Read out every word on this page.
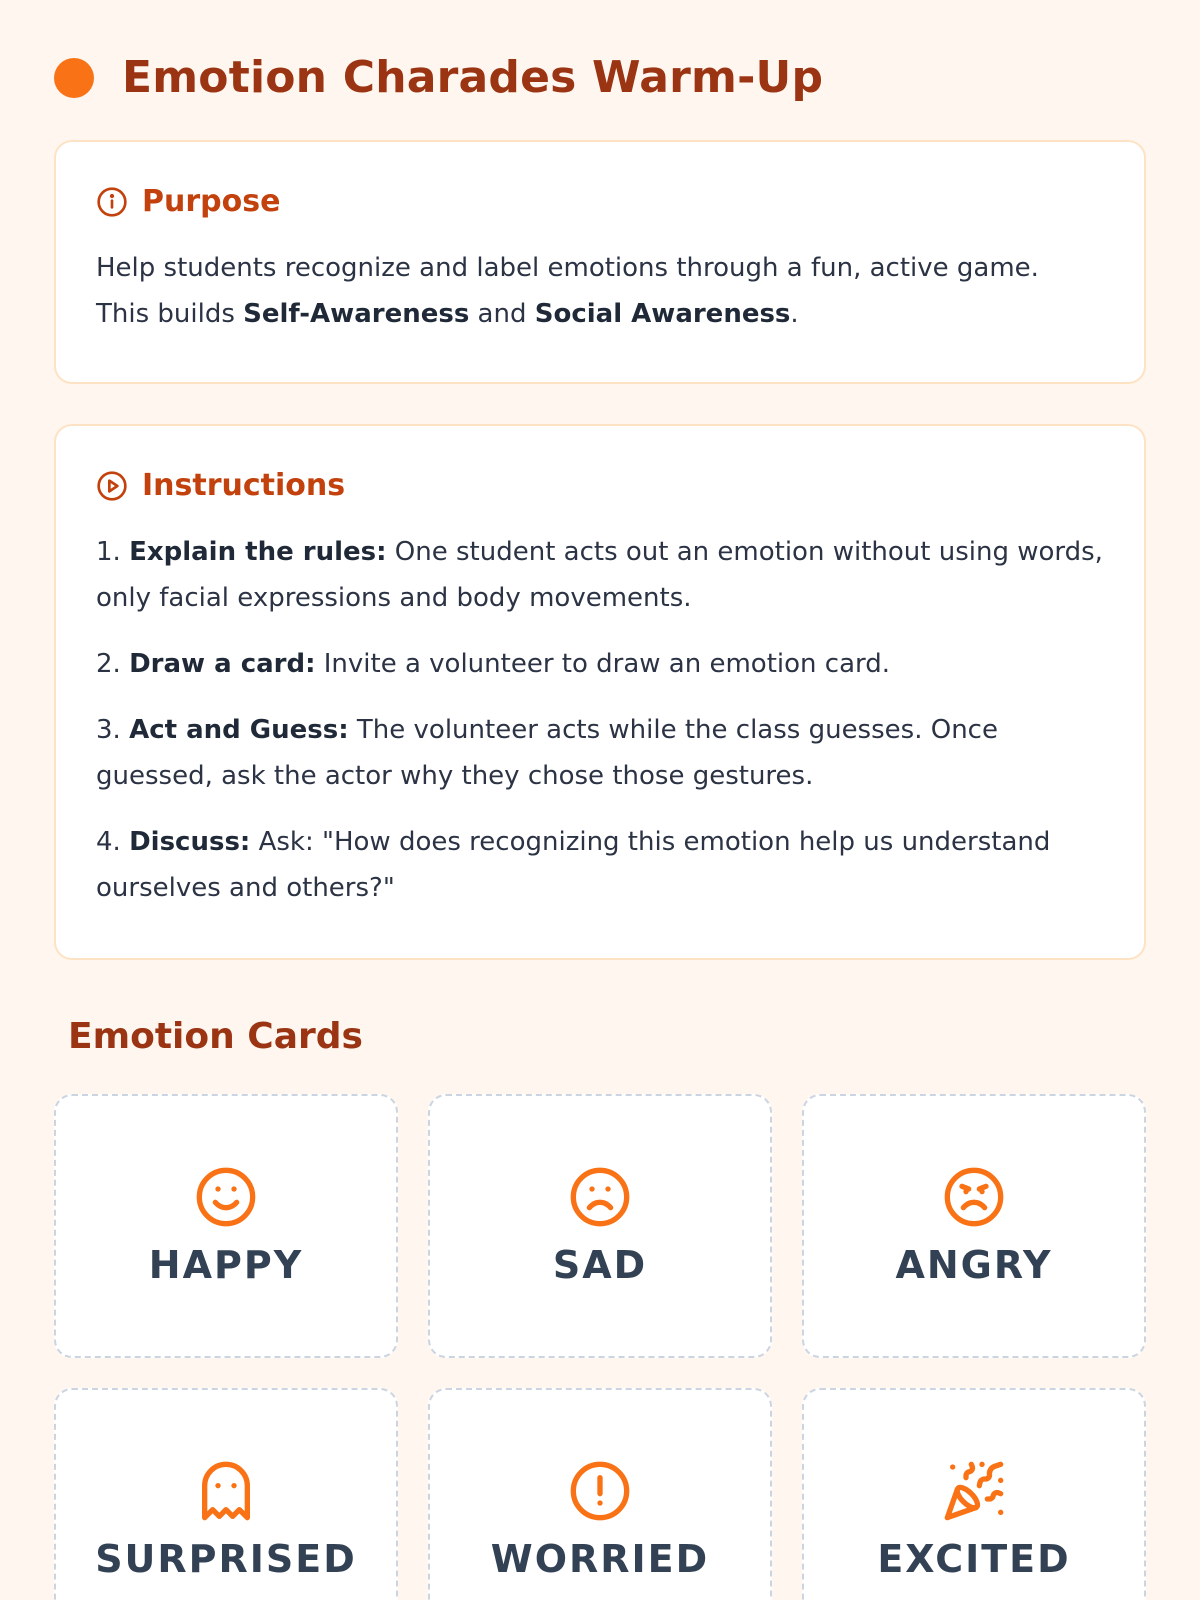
Emotion Charades Warm-Up
Purpose

Help students recognize and label emotions through a fun, active game.
This builds Self-Awareness and Social Awareness.

Instructions

1. Explain the rules: One student acts out an emotion without using words, only facial expressions and body movements.

2. Draw a card: Invite a volunteer to draw an emotion card.

3. Act and Guess: The volunteer acts while the class guesses. Once guessed, ask the actor why they chose those gestures.

4. Discuss: Ask: "How does recognizing this emotion help us understand ourselves and others?"

Emotion Cards
HAPPY	SAD	ANGRY
SURPRISED	WORRIED	EXCITED
